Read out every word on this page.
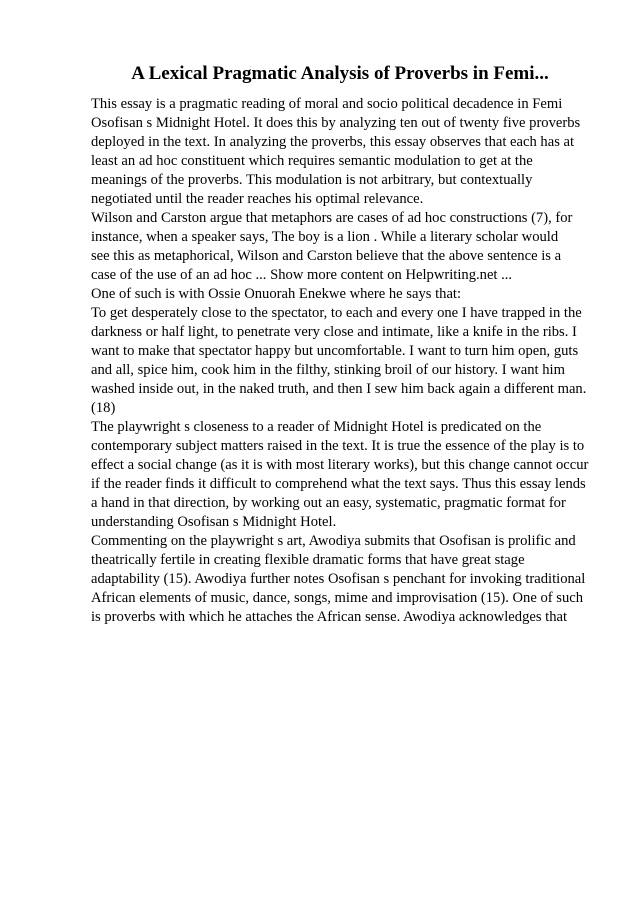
A Lexical Pragmatic Analysis of Proverbs in Femi...
This essay is a pragmatic reading of moral and socio political decadence in Femi
Osofisan s Midnight Hotel. It does this by analyzing ten out of twenty five proverbs
deployed in the text. In analyzing the proverbs, this essay observes that each has at
least an ad hoc constituent which requires semantic modulation to get at the
meanings of the proverbs. This modulation is not arbitrary, but contextually
negotiated until the reader reaches his optimal relevance.
Wilson and Carston argue that metaphors are cases of ad hoc constructions (7), for
instance, when a speaker says, The boy is a lion . While a literary scholar would
see this as metaphorical, Wilson and Carston believe that the above sentence is a
case of the use of an ad hoc ... Show more content on Helpwriting.net ...
One of such is with Ossie Onuorah Enekwe where he says that:
To get desperately close to the spectator, to each and every one I have trapped in the
darkness or half light, to penetrate very close and intimate, like a knife in the ribs. I
want to make that spectator happy but uncomfortable. I want to turn him open, guts
and all, spice him, cook him in the filthy, stinking broil of our history. I want him
washed inside out, in the naked truth, and then I sew him back again a different man.
(18)
The playwright s closeness to a reader of Midnight Hotel is predicated on the
contemporary subject matters raised in the text. It is true the essence of the play is to
effect a social change (as it is with most literary works), but this change cannot occur
if the reader finds it difficult to comprehend what the text says. Thus this essay lends
a hand in that direction, by working out an easy, systematic, pragmatic format for
understanding Osofisan s Midnight Hotel.
Commenting on the playwright s art, Awodiya submits that Osofisan is prolific and
theatrically fertile in creating flexible dramatic forms that have great stage
adaptability (15). Awodiya further notes Osofisan s penchant for invoking traditional
African elements of music, dance, songs, mime and improvisation (15). One of such
is proverbs with which he attaches the African sense. Awodiya acknowledges that
